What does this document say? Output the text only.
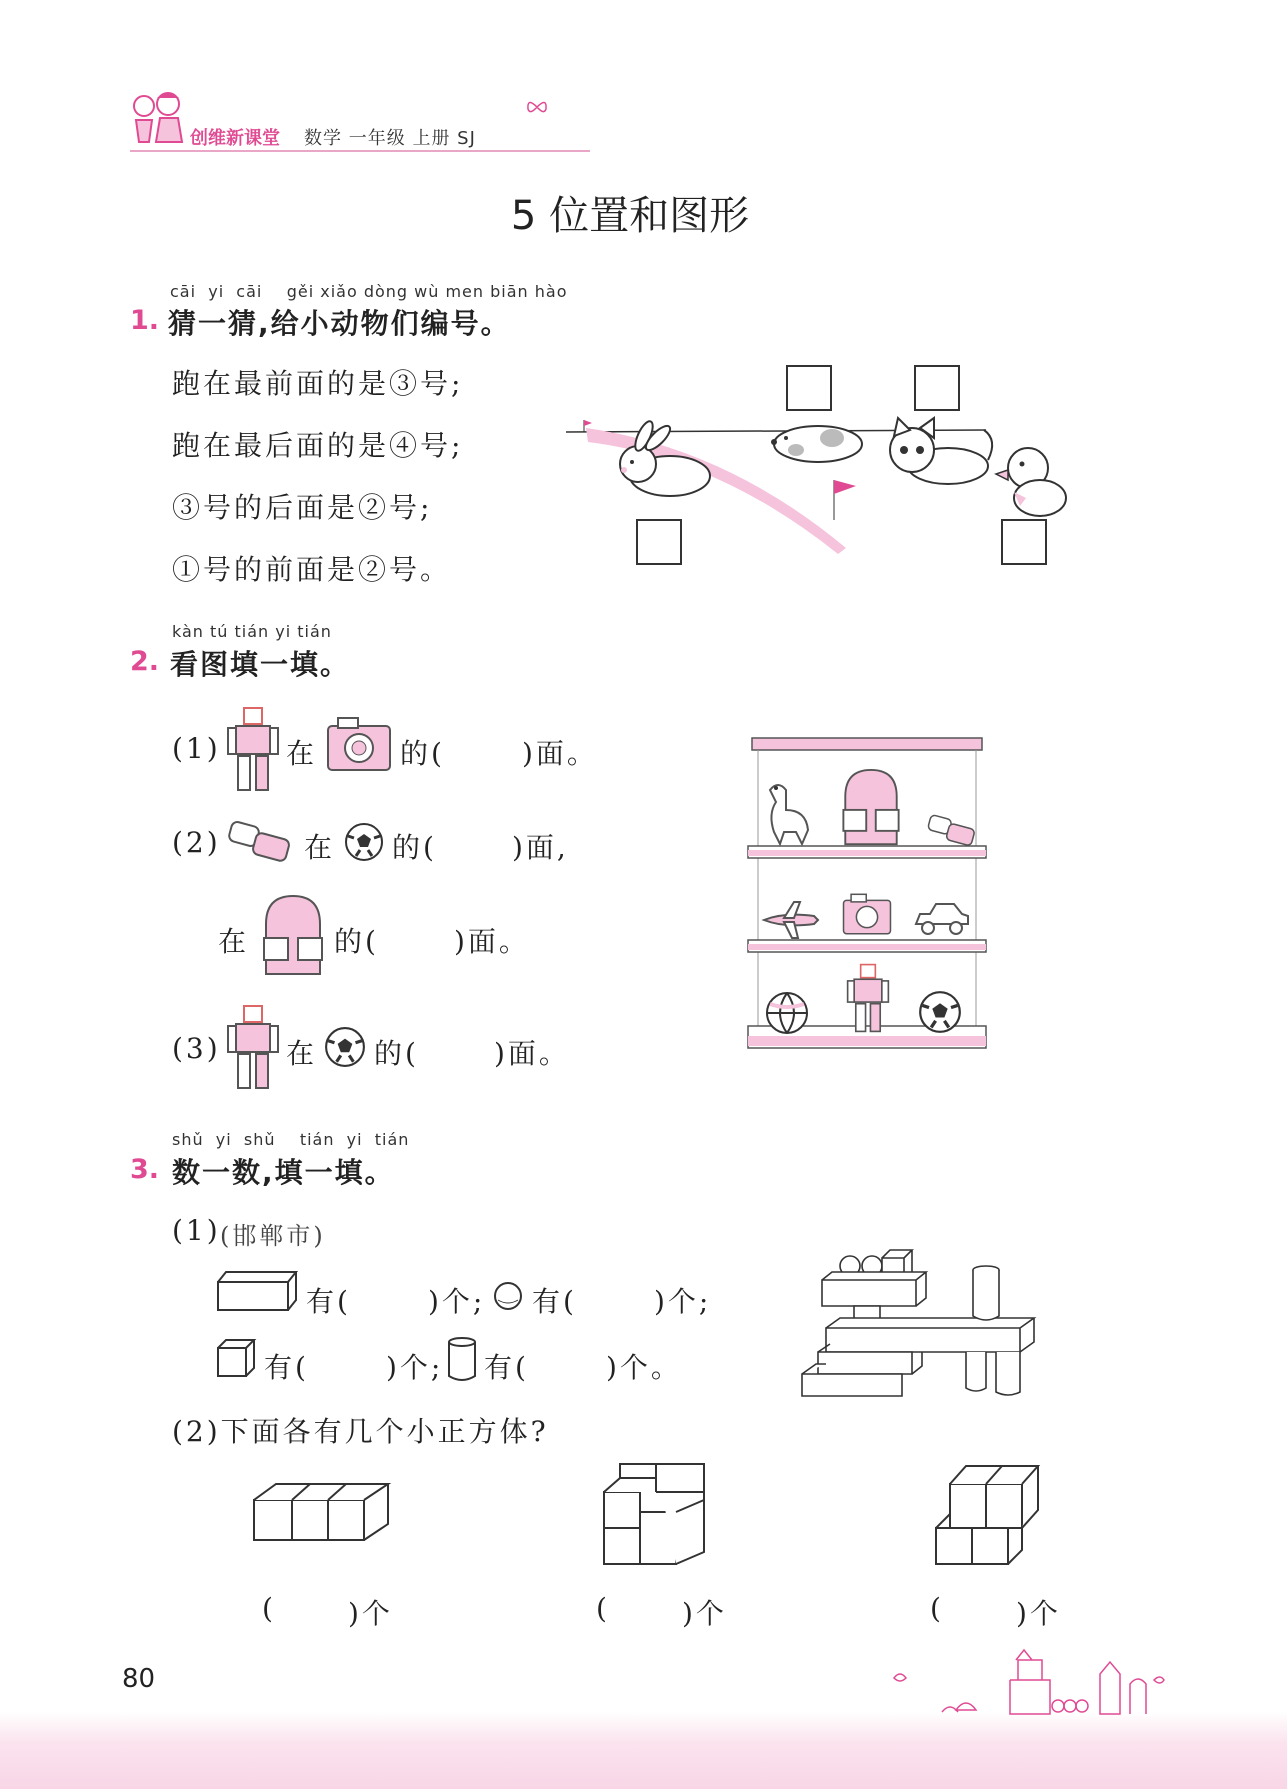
创维新课堂 数学 一年级 上册 SJ
5 位置和图形
cāi  yi  cāi    gěi xiǎo dòng wù men biān hào
1. 猜一猜,给小动物们编号。
跑在最前面的是③号;
跑在最后面的是④号;
③号的后面是②号;
①号的前面是②号。
kàn tú tián yi tián
2. 看图填一填。
(1) 在	的(	)面。
(2)	在 的(	)面,
在	的(	)面。
(3) 在 的(	)面。
shǔ  yi  shǔ    tián  yi  tián
3. 数一数,填一填。
(1) (邯郸市)
有(	)个; 有(	)个;
有(	)个; 有(	)个。
(2)下面各有几个小正方体?
(	)个	(	)个	(	)个
80
